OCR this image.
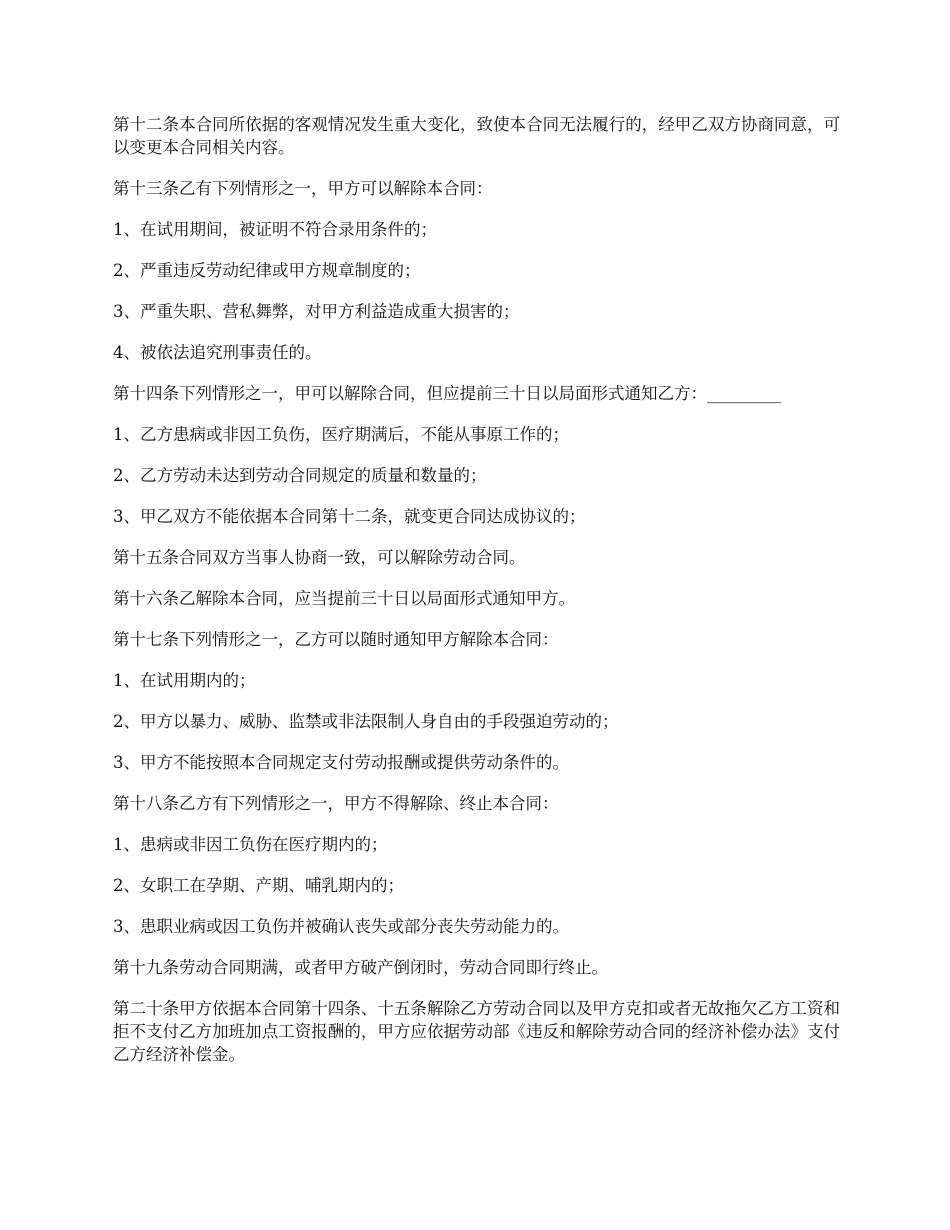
第十二条本合同所依据的客观情况发生重大变化，致使本合同无法履行的，经甲乙双方协商同意，可以变更本合同相关内容。

第十三条乙有下列情形之一，甲方可以解除本合同：

1、在试用期间，被证明不符合录用条件的；

2、严重违反劳动纪律或甲方规章制度的；

3、严重失职、营私舞弊，对甲方利益造成重大损害的；

4、被依法追究刑事责任的。

第十四条下列情形之一，甲可以解除合同，但应提前三十日以局面形式通知乙方：_________

1、乙方患病或非因工负伤，医疗期满后，不能从事原工作的；

2、乙方劳动未达到劳动合同规定的质量和数量的；

3、甲乙双方不能依据本合同第十二条，就变更合同达成协议的；

第十五条合同双方当事人协商一致，可以解除劳动合同。

第十六条乙解除本合同，应当提前三十日以局面形式通知甲方。

第十七条下列情形之一，乙方可以随时通知甲方解除本合同：

1、在试用期内的；

2、甲方以暴力、威胁、监禁或非法限制人身自由的手段强迫劳动的；

3、甲方不能按照本合同规定支付劳动报酬或提供劳动条件的。

第十八条乙方有下列情形之一，甲方不得解除、终止本合同：

1、患病或非因工负伤在医疗期内的；

2、女职工在孕期、产期、哺乳期内的；

3、患职业病或因工负伤并被确认丧失或部分丧失劳动能力的。

第十九条劳动合同期满，或者甲方破产倒闭时，劳动合同即行终止。

第二十条甲方依据本合同第十四条、十五条解除乙方劳动合同以及甲方克扣或者无故拖欠乙方工资和拒不支付乙方加班加点工资报酬的，甲方应依据劳动部《违反和解除劳动合同的经济补偿办法》支付乙方经济补偿金。
